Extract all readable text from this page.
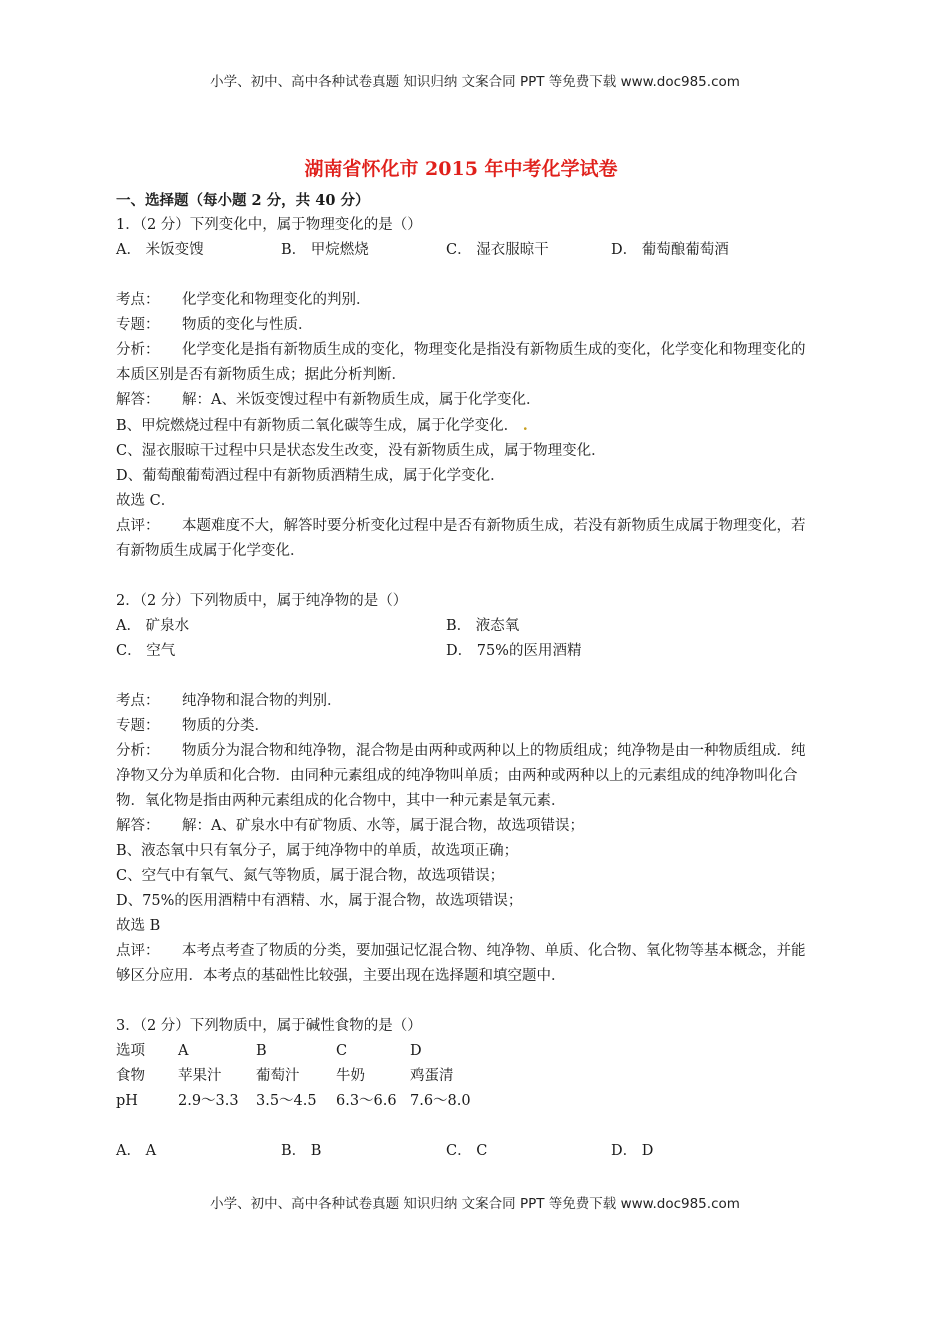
小学、初中、高中各种试卷真题 知识归纳 文案合同 PPT 等免费下载 www.doc985.com
湖南省怀化市 2015 年中考化学试卷
一、选择题（每小题 2 分，共 40 分）
1．（2 分）下列变化中，属于物理变化的是（）
A． 米饭变馊	B． 甲烷燃烧	C． 湿衣服晾干	D． 葡萄酿葡萄酒
考点： 化学变化和物理变化的判别．
专题： 物质的变化与性质．
分析： 化学变化是指有新物质生成的变化，物理变化是指没有新物质生成的变化，化学变化和物理变化的本质区别是否有新物质生成；据此分析判断．
解答： 解：A、米饭变馊过程中有新物质生成，属于化学变化．
B、甲烷燃烧过程中有新物质二氧化碳等生成，属于化学变化． .
C、湿衣服晾干过程中只是状态发生改变，没有新物质生成，属于物理变化．
D、葡萄酿葡萄酒过程中有新物质酒精生成，属于化学变化．
故选 C．
点评： 本题难度不大，解答时要分析变化过程中是否有新物质生成，若没有新物质生成属于物理变化，若有新物质生成属于化学变化．
2．（2 分）下列物质中，属于纯净物的是（）
A． 矿泉水	B． 液态氧
C． 空气	D． 75%的医用酒精
考点： 纯净物和混合物的判别．
专题： 物质的分类．
分析： 物质分为混合物和纯净物，混合物是由两种或两种以上的物质组成；纯净物是由一种物质组成．纯净物又分为单质和化合物．由同种元素组成的纯净物叫单质；由两种或两种以上的元素组成的纯净物叫化合物．氧化物是指由两种元素组成的化合物中，其中一种元素是氧元素．
解答： 解：A、矿泉水中有矿物质、水等，属于混合物，故选项错误；
B、液态氧中只有氧分子，属于纯净物中的单质，故选项正确；
C、空气中有氧气、氮气等物质，属于混合物，故选项错误；
D、75%的医用酒精中有酒精、水，属于混合物，故选项错误；
故选 B
点评： 本考点考查了物质的分类，要加强记忆混合物、纯净物、单质、化合物、氧化物等基本概念，并能够区分应用．本考点的基础性比较强，主要出现在选择题和填空题中．
3．（2 分）下列物质中，属于碱性食物的是（）
选项	A	B	C	D
食物	苹果汁	葡萄汁	牛奶	鸡蛋清
pH	2.9～3.3	3.5～4.5	6.3～6.6	7.6～8.0
A． A	B． B	C． C	D． D
小学、初中、高中各种试卷真题 知识归纳 文案合同 PPT 等免费下载 www.doc985.com
